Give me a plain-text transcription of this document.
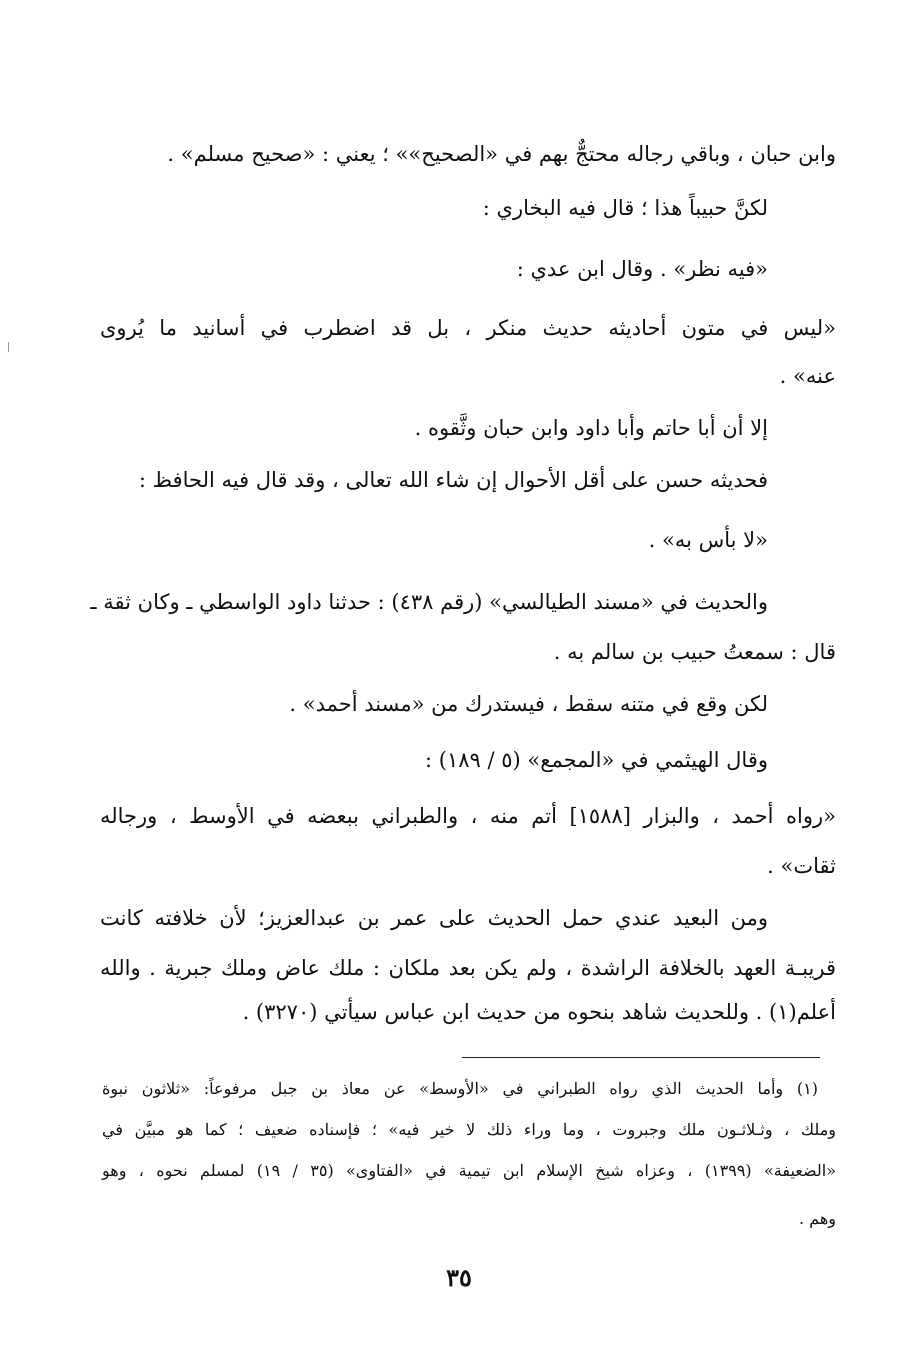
وابن حبان ، وباقي رجاله محتجٌّ بهم في «الصحيح»» ؛ يعني : «صحيح مسلم» .
لكنَّ حبيباً هذا ؛ قال فيه البخاري :
«فيه نظر» . وقال ابن عدي :
«ليس في متون أحاديثه حديث منكر ، بل قد اضطرب في أسانيد ما يُروى
عنه» .
إلا أن أبا حاتم وأبا داود وابن حبان وثَّقوه .
فحديثه حسن على أقل الأحوال إن شاء الله تعالى ، وقد قال فيه الحافظ :
«لا بأس به» .
والحديث في «مسند الطيالسي» (رقم ٤٣٨) : حدثنا داود الواسطي ـ وكان ثقة ـ
قال : سمعتُ حبيب بن سالم به .
لكن وقع في متنه سقط ، فيستدرك من «مسند أحمد» .
وقال الهيثمي في «المجمع» (٥ / ١٨٩) :
«رواه أحمد ، والبزار [١٥٨٨] أتم منه ، والطبراني ببعضه في الأوسط ، ورجاله
ثقات» .
ومن البعيد عندي حمل الحديث على عمر بن عبدالعزيز؛ لأن خلافته كانت
قريبـة العهد بالخلافة الراشدة ، ولم يكن بعد ملكان : ملك عاض وملك جبرية . والله
أعلم(١) . وللحديث شاهد بنحوه من حديث ابن عباس سيأتي (٣٢٧٠) .
(١) وأما الحديث الذي رواه الطبراني في «الأوسط» عن معاذ بن جبل مرفوعاً: «ثلاثون نبوة
وملك ، وثـلاثـون ملك وجبروت ، وما وراء ذلك لا خير فيه» ؛ فإسناده ضعيف ؛ كما هو مبيَّن في
«الضعيفة» (١٣٩٩) ، وعزاه شيخ الإسلام ابن تيمية في «الفتاوى» (٣٥ / ١٩) لمسلم نحوه ، وهو
وهم .
٣٥
